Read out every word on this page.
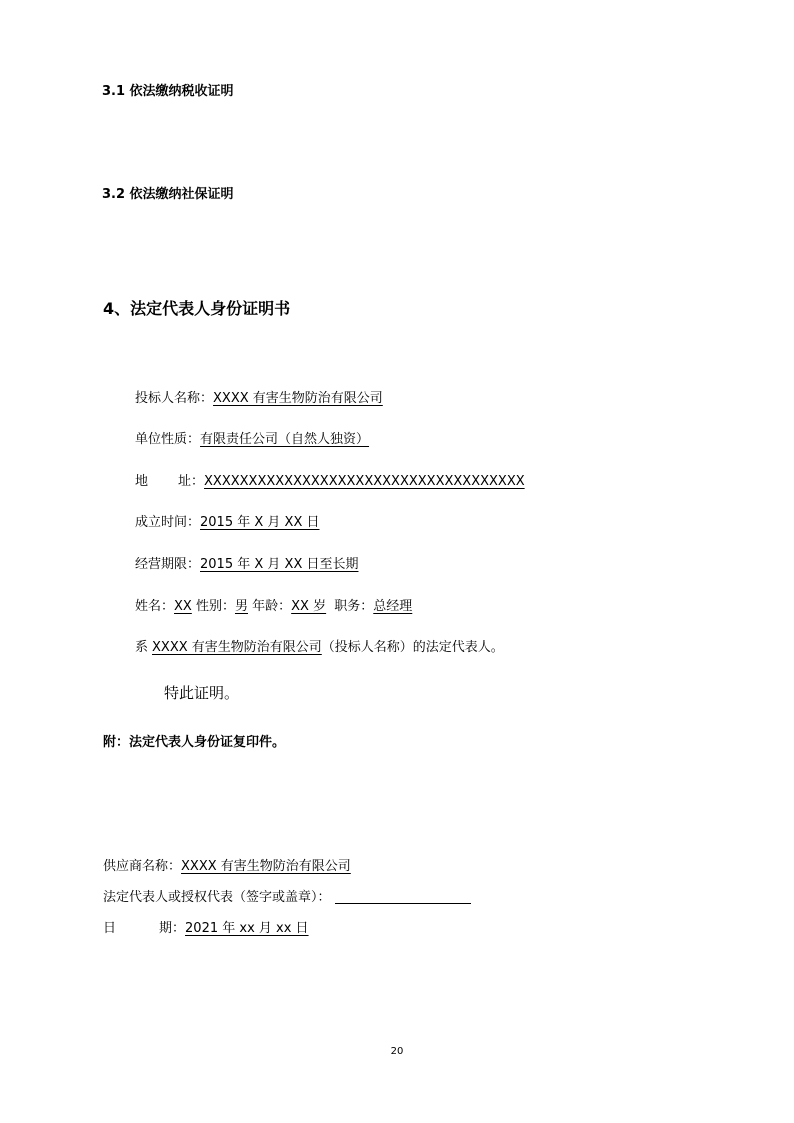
3.1 依法缴纳税收证明
3.2 依法缴纳社保证明
4、法定代表人身份证明书
投标人名称：XXXX 有害生物防治有限公司
单位性质：有限责任公司（自然人独资）
地 址：XXXXXXXXXXXXXXXXXXXXXXXXXXXXXXXXXXXX
成立时间：2015 年 X 月 XX 日
经营期限：2015 年 X 月 XX 日至长期
姓名：XX 性别：男 年龄：XX 岁 职务：总经理
系 XXXX 有害生物防治有限公司（投标人名称）的法定代表人。
特此证明。
附：法定代表人身份证复印件。
供应商名称：XXXX 有害生物防治有限公司
法定代表人或授权代表（签字或盖章）：
日	期：2021 年 xx 月 xx 日
20
